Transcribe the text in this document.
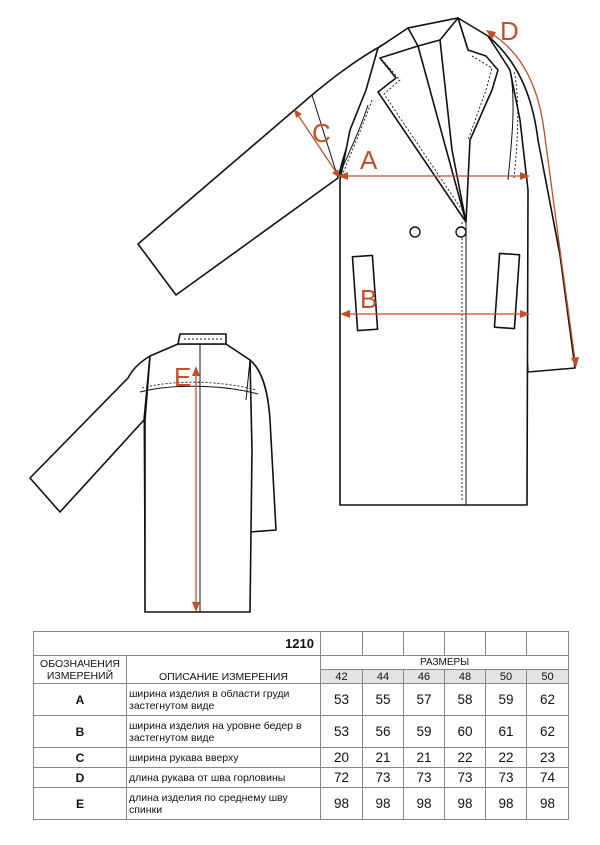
A
B
C
D
E
1210							
ОБОЗНАЧЕНИЯ ИЗМЕРЕНИЙ	ОПИСАНИЕ ИЗМЕРЕНИЯ	РАЗМЕРЫ					
		42	44	46	48	50	50
A	ширина изделия в области груди застегнутом виде	53	55	57	58	59	62
B	ширина изделия на уровне бедер в застегнутом виде	53	56	59	60	61	62
C	ширина рукава вверху	20	21	21	22	22	23
D	длина рукава от шва горловины	72	73	73	73	73	74
E	длина изделия по среднему шву спинки	98	98	98	98	98	98
